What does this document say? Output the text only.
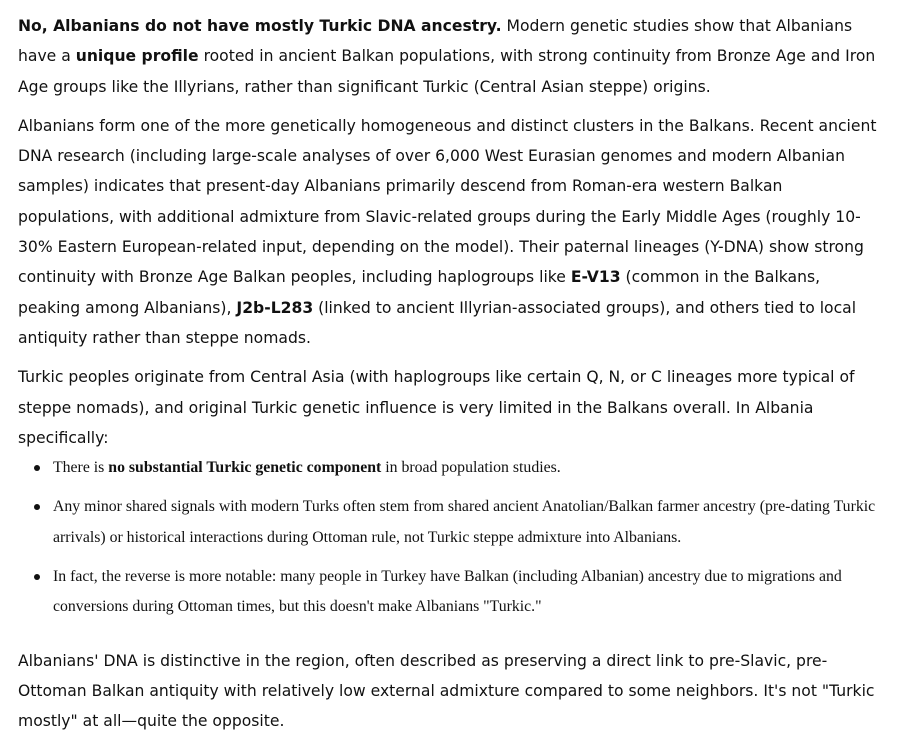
No, Albanians do not have mostly Turkic DNA ancestry. Modern genetic studies show that Albanians have a unique profile rooted in ancient Balkan populations, with strong continuity from Bronze Age and Iron Age groups like the Illyrians, rather than significant Turkic (Central Asian steppe) origins.

Albanians form one of the more genetically homogeneous and distinct clusters in the Balkans. Recent ancient DNA research (including large-scale analyses of over 6,000 West Eurasian genomes and modern Albanian samples) indicates that present-day Albanians primarily descend from Roman-era western Balkan populations, with additional admixture from Slavic-related groups during the Early Middle Ages (roughly 10-30% Eastern European-related input, depending on the model). Their paternal lineages (Y-DNA) show strong continuity with Bronze Age Balkan peoples, including haplogroups like E-V13 (common in the Balkans, peaking among Albanians), J2b-L283 (linked to ancient Illyrian-associated groups), and others tied to local antiquity rather than steppe nomads.

Turkic peoples originate from Central Asia (with haplogroups like certain Q, N, or C lineages more typical of steppe nomads), and original Turkic genetic influence is very limited in the Balkans overall. In Albania specifically:

There is no substantial Turkic genetic component in broad population studies.
Any minor shared signals with modern Turks often stem from shared ancient Anatolian/Balkan farmer ancestry (pre-dating Turkic arrivals) or historical interactions during Ottoman rule, not Turkic steppe admixture into Albanians.
In fact, the reverse is more notable: many people in Turkey have Balkan (including Albanian) ancestry due to migrations and conversions during Ottoman times, but this doesn't make Albanians "Turkic."

Albanians' DNA is distinctive in the region, often described as preserving a direct link to pre-Slavic, pre-Ottoman Balkan antiquity with relatively low external admixture compared to some neighbors. It's not "Turkic mostly" at all—quite the opposite.
